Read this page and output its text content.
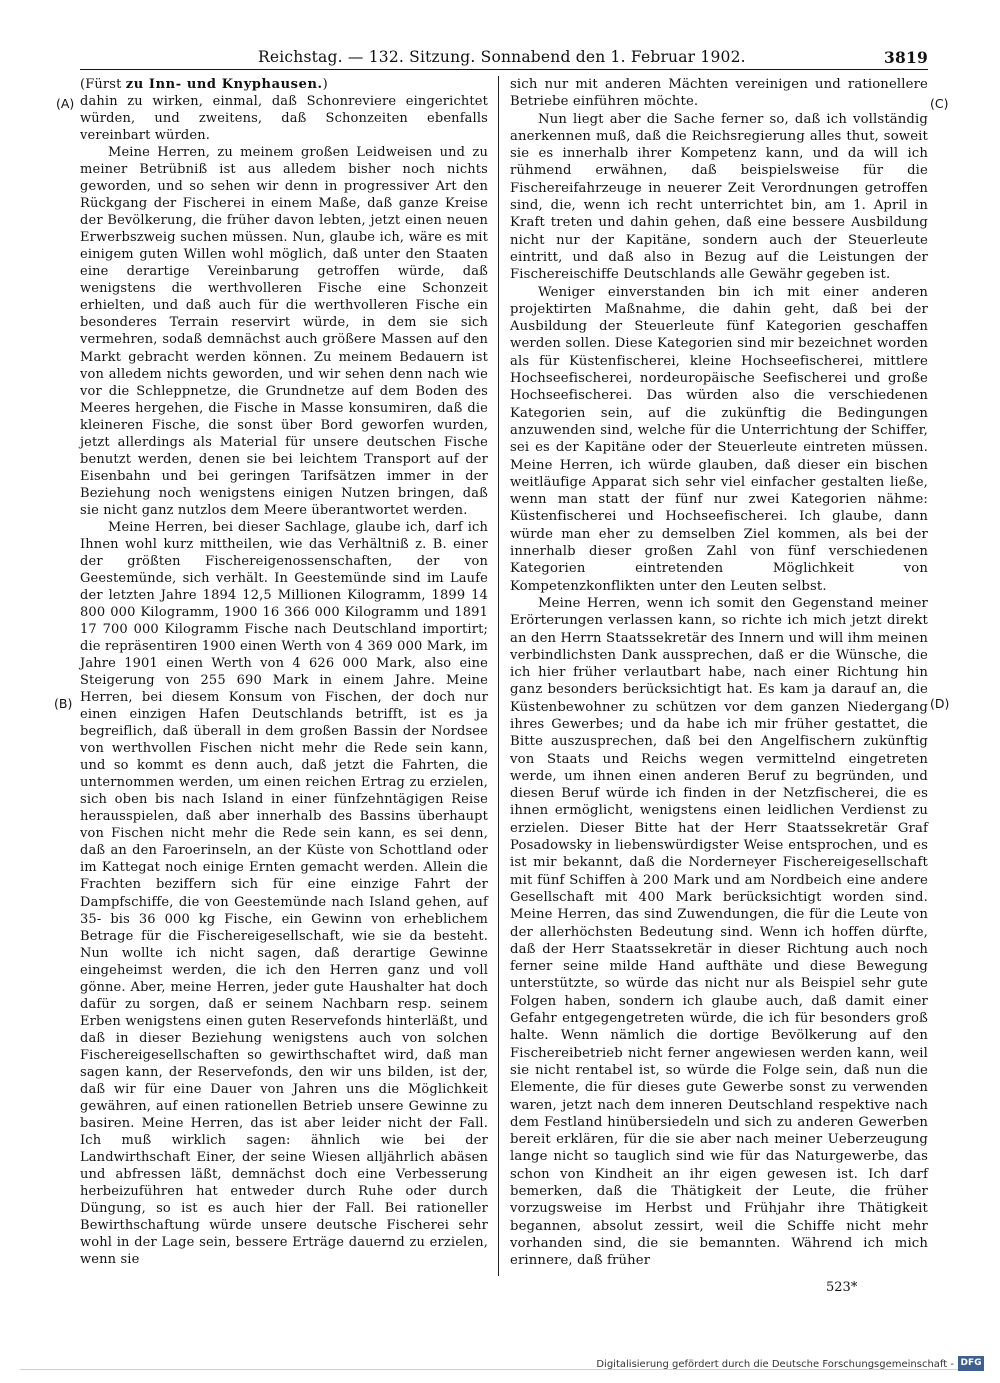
Reichstag. — 132. Sitzung. Sonnabend den 1. Februar 1902.	3819
(A)
(B)
(C)
(D)

(Fürst zu Inn- und Knyphausen.)

dahin zu wirken, einmal, daß Schonreviere eingerichtet würden, und zweitens, daß Schonzeiten ebenfalls vereinbart würden.

Meine Herren, zu meinem großen Leidweisen und zu meiner Betrübniß ist aus alledem bisher noch nichts geworden, und so sehen wir denn in progressiver Art den Rückgang der Fischerei in einem Maße, daß ganze Kreise der Bevölkerung, die früher davon lebten, jetzt einen neuen Erwerbszweig suchen müssen. Nun, glaube ich, wäre es mit einigem guten Willen wohl möglich, daß unter den Staaten eine derartige Vereinbarung getroffen würde, daß wenigstens die werthvolleren Fische eine Schonzeit erhielten, und daß auch für die werthvolleren Fische ein besonderes Terrain reservirt würde, in dem sie sich vermehren, sodaß demnächst auch größere Massen auf den Markt gebracht werden können. Zu meinem Bedauern ist von alledem nichts geworden, und wir sehen denn nach wie vor die Schleppnetze, die Grundnetze auf dem Boden des Meeres hergehen, die Fische in Masse konsumiren, daß die kleineren Fische, die sonst über Bord geworfen wurden, jetzt allerdings als Material für unsere deutschen Fische benutzt werden, denen sie bei leichtem Transport auf der Eisenbahn und bei geringen Tarifsätzen immer in der Beziehung noch wenigstens einigen Nutzen bringen, daß sie nicht ganz nutzlos dem Meere überantwortet werden.

Meine Herren, bei dieser Sachlage, glaube ich, darf ich Ihnen wohl kurz mittheilen, wie das Verhältniß z. B. einer der größten Fischereigenossenschaften, der von Geestemünde, sich verhält. In Geestemünde sind im Laufe der letzten Jahre 1894 12,5 Millionen Kilogramm, 1899 14 800 000 Kilogramm, 1900 16 366 000 Kilogramm und 1891 17 700 000 Kilogramm Fische nach Deutschland importirt; die repräsentiren 1900 einen Werth von 4 369 000 Mark, im Jahre 1901 einen Werth von 4 626 000 Mark, also eine Steigerung von 255 690 Mark in einem Jahre. Meine Herren, bei diesem Konsum von Fischen, der doch nur einen einzigen Hafen Deutschlands betrifft, ist es ja begreiflich, daß überall in dem großen Bassin der Nordsee von werthvollen Fischen nicht mehr die Rede sein kann, und so kommt es denn auch, daß jetzt die Fahrten, die unternommen werden, um einen reichen Ertrag zu erzielen, sich oben bis nach Island in einer fünfzehntägigen Reise herausspielen, daß aber innerhalb des Bassins überhaupt von Fischen nicht mehr die Rede sein kann, es sei denn, daß an den Faroerinseln, an der Küste von Schottland oder im Kattegat noch einige Ernten gemacht werden. Allein die Frachten beziffern sich für eine einzige Fahrt der Dampfschiffe, die von Geestemünde nach Island gehen, auf 35- bis 36 000 kg Fische, ein Gewinn von erheblichem Betrage für die Fischereigesellschaft, wie sie da besteht. Nun wollte ich nicht sagen, daß derartige Gewinne eingeheimst werden, die ich den Herren ganz und voll gönne. Aber, meine Herren, jeder gute Haushalter hat doch dafür zu sorgen, daß er seinem Nachbarn resp. seinem Erben wenigstens einen guten Reservefonds hinterläßt, und daß in dieser Beziehung wenigstens auch von solchen Fischereigesellschaften so gewirthschaftet wird, daß man sagen kann, der Reservefonds, den wir uns bilden, ist der, daß wir für eine Dauer von Jahren uns die Möglichkeit gewähren, auf einen rationellen Betrieb unsere Gewinne zu basiren. Meine Herren, das ist aber leider nicht der Fall. Ich muß wirklich sagen: ähnlich wie bei der Landwirthschaft Einer, der seine Wiesen alljährlich abäsen und abfressen läßt, demnächst doch eine Verbesserung herbeizuführen hat entweder durch Ruhe oder durch Düngung, so ist es auch hier der Fall. Bei rationeller Bewirthschaftung würde unsere deutsche Fischerei sehr wohl in der Lage sein, bessere Erträge dauernd zu erzielen, wenn sie

sich nur mit anderen Mächten vereinigen und rationellere Betriebe einführen möchte.

Nun liegt aber die Sache ferner so, daß ich vollständig anerkennen muß, daß die Reichsregierung alles thut, soweit sie es innerhalb ihrer Kompetenz kann, und da will ich rühmend erwähnen, daß beispielsweise für die Fischereifahrzeuge in neuerer Zeit Verordnungen getroffen sind, die, wenn ich recht unterrichtet bin, am 1. April in Kraft treten und dahin gehen, daß eine bessere Ausbildung nicht nur der Kapitäne, sondern auch der Steuerleute eintritt, und daß also in Bezug auf die Leistungen der Fischereischiffe Deutschlands alle Gewähr gegeben ist.

Weniger einverstanden bin ich mit einer anderen projektirten Maßnahme, die dahin geht, daß bei der Ausbildung der Steuerleute fünf Kategorien geschaffen werden sollen. Diese Kategorien sind mir bezeichnet worden als für Küstenfischerei, kleine Hochseefischerei, mittlere Hochseefischerei, nordeuropäische Seefischerei und große Hochseefischerei. Das würden also die verschiedenen Kategorien sein, auf die zukünftig die Bedingungen anzuwenden sind, welche für die Unterrichtung der Schiffer, sei es der Kapitäne oder der Steuerleute eintreten müssen. Meine Herren, ich würde glauben, daß dieser ein bischen weitläufige Apparat sich sehr viel einfacher gestalten ließe, wenn man statt der fünf nur zwei Kategorien nähme: Küstenfischerei und Hochseefischerei. Ich glaube, dann würde man eher zu demselben Ziel kommen, als bei der innerhalb dieser großen Zahl von fünf verschiedenen Kategorien eintretenden Möglichkeit von Kompetenzkonflikten unter den Leuten selbst.

Meine Herren, wenn ich somit den Gegenstand meiner Erörterungen verlassen kann, so richte ich mich jetzt direkt an den Herrn Staatssekretär des Innern und will ihm meinen verbindlichsten Dank aussprechen, daß er die Wünsche, die ich hier früher verlautbart habe, nach einer Richtung hin ganz besonders berücksichtigt hat. Es kam ja darauf an, die Küstenbewohner zu schützen vor dem ganzen Niedergang ihres Gewerbes; und da habe ich mir früher gestattet, die Bitte auszusprechen, daß bei den Angelfischern zukünftig von Staats und Reichs wegen vermittelnd eingetreten werde, um ihnen einen anderen Beruf zu begründen, und diesen Beruf würde ich finden in der Netzfischerei, die es ihnen ermöglicht, wenigstens einen leidlichen Verdienst zu erzielen. Dieser Bitte hat der Herr Staatssekretär Graf Posadowsky in liebenswürdigster Weise entsprochen, und es ist mir bekannt, daß die Norderneyer Fischereigesellschaft mit fünf Schiffen à 200 Mark und am Nordbeich eine andere Gesellschaft mit 400 Mark berücksichtigt worden sind. Meine Herren, das sind Zuwendungen, die für die Leute von der allerhöchsten Bedeutung sind. Wenn ich hoffen dürfte, daß der Herr Staatssekretär in dieser Richtung auch noch ferner seine milde Hand aufthäte und diese Bewegung unterstützte, so würde das nicht nur als Beispiel sehr gute Folgen haben, sondern ich glaube auch, daß damit einer Gefahr entgegengetreten würde, die ich für besonders groß halte. Wenn nämlich die dortige Bevölkerung auf den Fischereibetrieb nicht ferner angewiesen werden kann, weil sie nicht rentabel ist, so würde die Folge sein, daß nun die Elemente, die für dieses gute Gewerbe sonst zu verwenden waren, jetzt nach dem inneren Deutschland respektive nach dem Festland hinübersiedeln und sich zu anderen Gewerben bereit erklären, für die sie aber nach meiner Ueberzeugung lange nicht so tauglich sind wie für das Naturgewerbe, das schon von Kindheit an ihr eigen gewesen ist. Ich darf bemerken, daß die Thätigkeit der Leute, die früher vorzugsweise im Herbst und Frühjahr ihre Thätigkeit begannen, absolut zessirt, weil die Schiffe nicht mehr vorhanden sind, die sie bemannten. Während ich mich erinnere, daß früher

523*
Digitalisierung gefördert durch die Deutsche Forschungsgemeinschaft - DFG
